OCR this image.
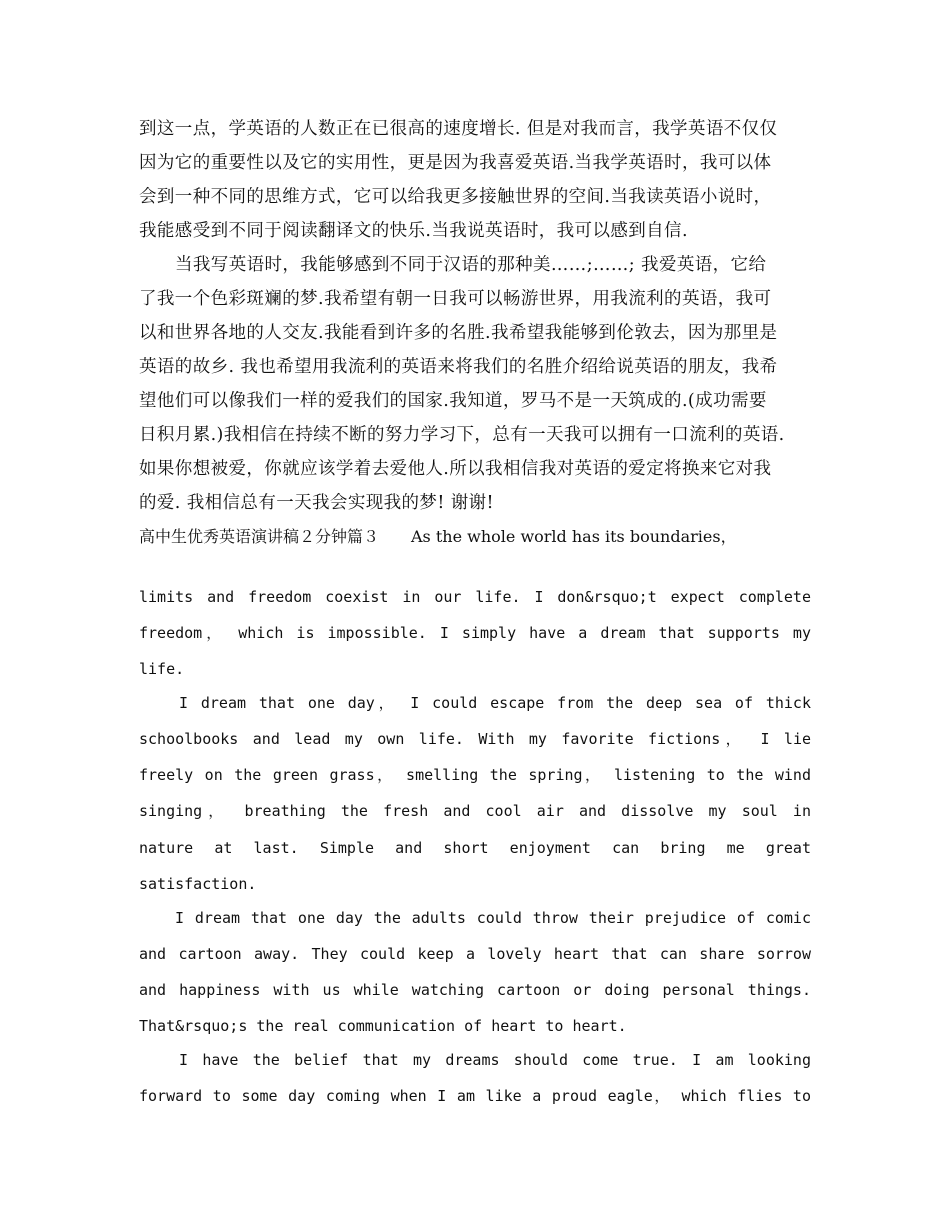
到这一点，学英语的人数正在已很高的速度增长. 但是对我而言，我学英语不仅仅

因为它的重要性以及它的实用性，更是因为我喜爱英语.当我学英语时，我可以体

会到一种不同的思维方式，它可以给我更多接触世界的空间.当我读英语小说时，

我能感受到不同于阅读翻译文的快乐.当我说英语时，我可以感到自信.

当我写英语时，我能够感到不同于汉语的那种美……;……; 我爱英语，它给

了我一个色彩斑斓的梦.我希望有朝一日我可以畅游世界，用我流利的英语，我可

以和世界各地的人交友.我能看到许多的名胜.我希望我能够到伦敦去，因为那里是

英语的故乡. 我也希望用我流利的英语来将我们的名胜介绍给说英语的朋友，我希

望他们可以像我们一样的爱我们的国家.我知道，罗马不是一天筑成的.(成功需要

日积月累.)我相信在持续不断的努力学习下，总有一天我可以拥有一口流利的英语.

如果你想被爱，你就应该学着去爱他人.所以我相信我对英语的爱定将换来它对我

的爱. 我相信总有一天我会实现我的梦! 谢谢!

高中生优秀英语演讲稿２分钟篇３　　As the whole world has its boundaries，

limits and freedom coexist in our life. I don&rsquo;t expect complete

freedom， which is impossible. I simply have a dream that supports my

life.

I dream that one day， I could escape from the deep sea of thick

schoolbooks and lead my own life. With my favorite fictions， I lie

freely on the green grass， smelling the spring， listening to the wind

singing， breathing the fresh and cool air and dissolve my soul in

nature at last. Simple and short enjoyment can bring me great

satisfaction.

I dream that one day the adults could throw their prejudice of comic

and cartoon away. They could keep a lovely heart that can share sorrow

and happiness with us while watching cartoon or doing personal things.

That&rsquo;s the real communication of heart to heart.

I have the belief that my dreams should come true. I am looking

forward to some day coming when I am like a proud eagle， which flies to
